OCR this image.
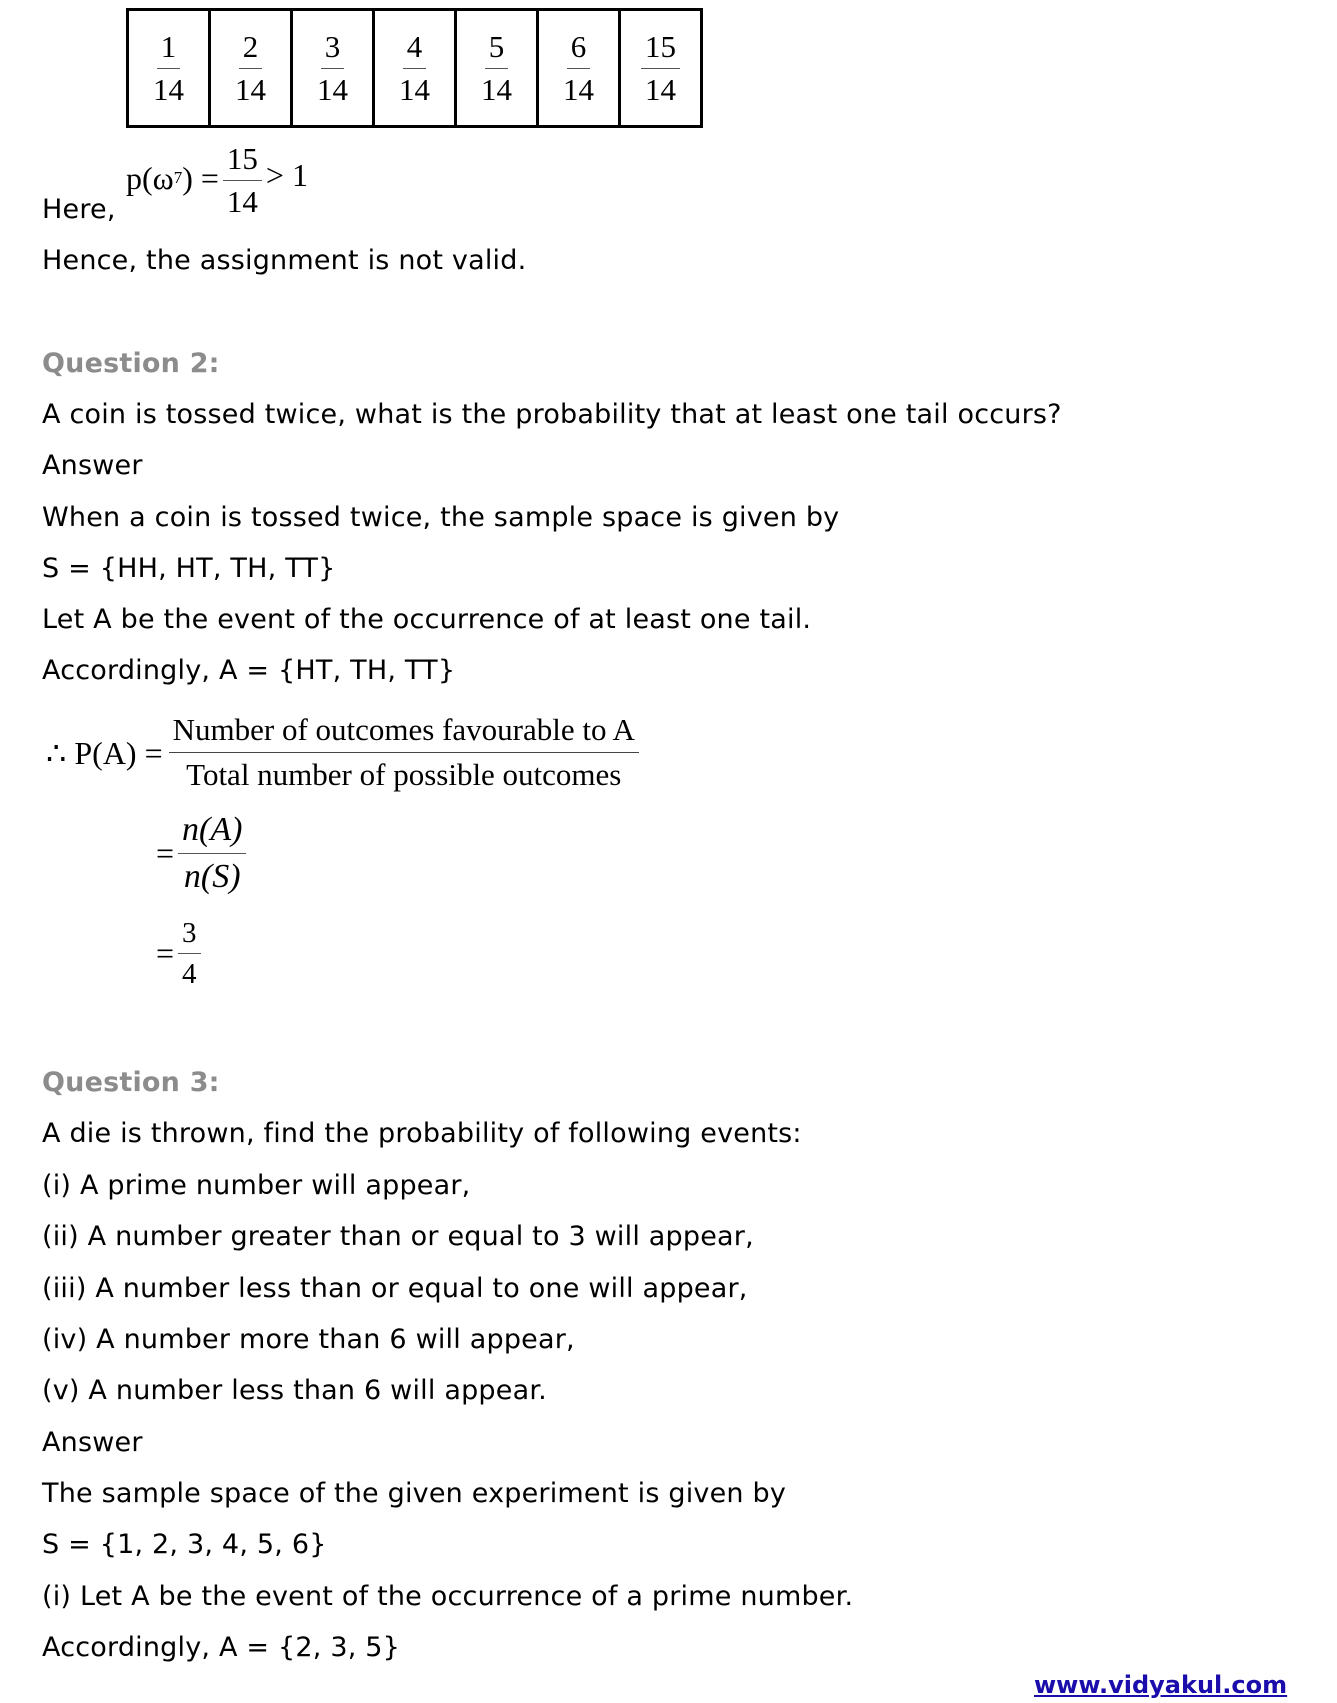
$\frac{1}{14}$	$\frac{2}{14}$	$\frac{3}{14}$	$\frac{4}{14}$	$\frac{5}{14}$	$\frac{6}{14}$	$\frac{15}{14}$
p(ω 7 ) = $\frac{15}{14} > 1$
Here,
Hence, the assignment is not valid.
Question 2:
A coin is tossed twice, what is the probability that at least one tail occurs?
Answer
When a coin is tossed twice, the sample space is given by
S = {HH, HT, TH, TT}
Let A be the event of the occurrence of at least one tail.
Accordingly, A = {HT, TH, TT}
∴ $P(A) = \frac{\text{Number of outcomes favourable to A}}{\text{Total number of possible outcomes}}$
= $\frac{n(A)}{n(S)}$
= $\frac{3}{4}$
Question 3:
A die is thrown, find the probability of following events:
(i) A prime number will appear,
(ii) A number greater than or equal to 3 will appear,
(iii) A number less than or equal to one will appear,
(iv) A number more than 6 will appear,
(v) A number less than 6 will appear.
Answer
The sample space of the given experiment is given by
S = {1, 2, 3, 4, 5, 6}
(i) Let A be the event of the occurrence of a prime number.
Accordingly, A = {2, 3, 5}
www.vidyakul.com
